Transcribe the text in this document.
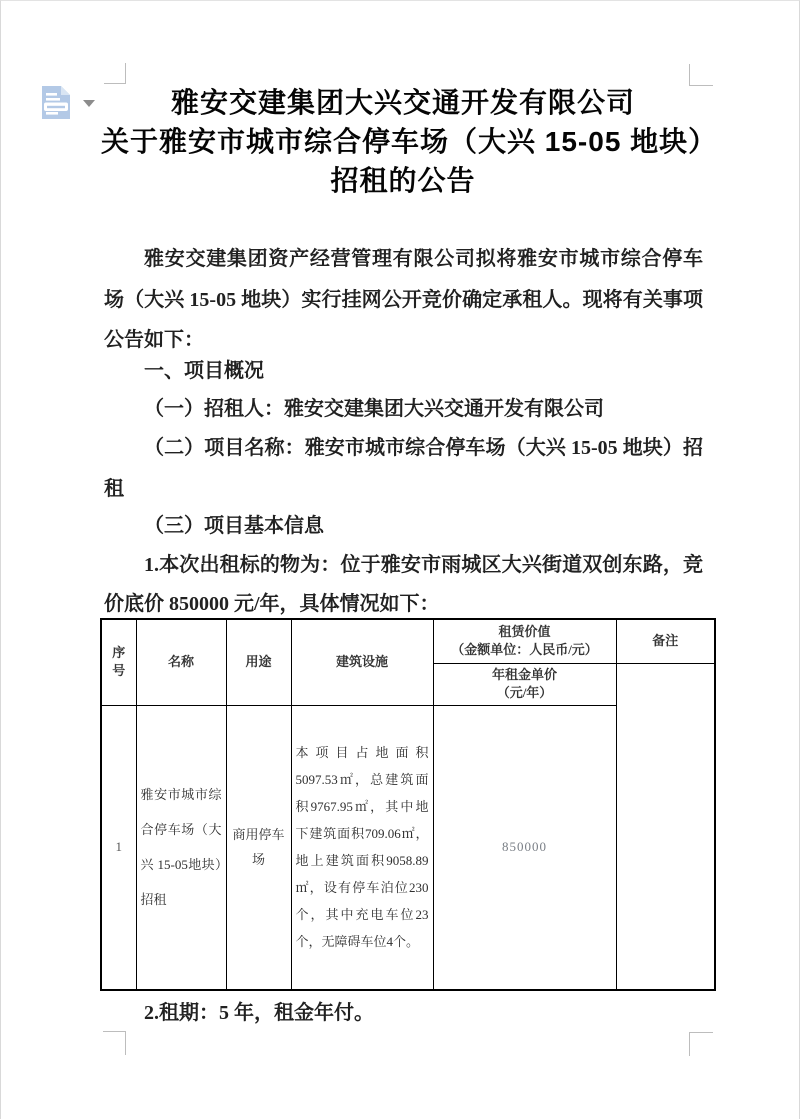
雅安交建集团大兴交通开发有限公司
关于雅安市城市综合停车场（大兴 15-05 地块）
招租的公告

雅安交建集团资产经营管理有限公司拟将雅安市城市综合停车场（大兴 15-05 地块）实行挂网公开竞价确定承租人。现将有关事项公告如下：

一、项目概况

（一）招租人：雅安交建集团大兴交通开发有限公司

（二）项目名称：雅安市城市综合停车场（大兴 15-05 地块）招租

（三）项目基本信息

1.本次出租标的物为：位于雅安市雨城区大兴街道双创东路，竞价底价 850000 元/年，具体情况如下：

2.租期：5 年，租金年付。

序号	名称	用途	建筑设施	租赁价值
（金额单位：人民币/元）	备注

				年租金单价
（元/年）	

1	雅安市城市综合停车场（大兴 15-05地块）招租	商用停车场	本项目占地面积5097.53㎡，总建筑面积9767.95㎡，其中地下建筑面积709.06㎡，地上建筑面积9058.89㎡，设有停车泊位230个，其中充电车位23个，无障碍车位4个。	850000	
